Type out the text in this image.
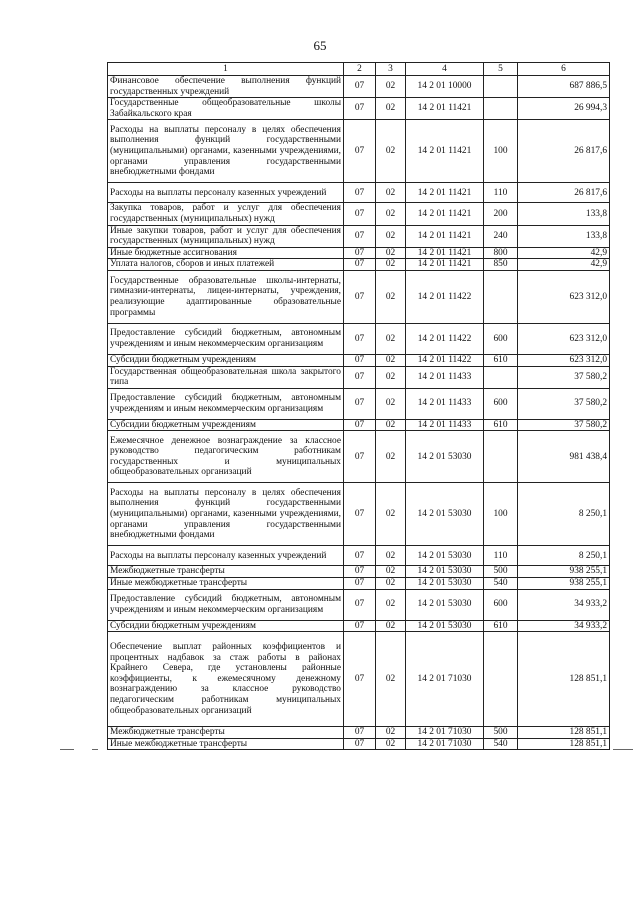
65
1	2	3	4	5	6
Финансовое обеспечение выполнения функций государственных учреждений	07	02	14 2 01 10000		687 886,5
Государственные общеобразовательные школы Забайкальского края	07	02	14 2 01 11421		26 994,3
Расходы на выплаты персоналу в целях обеспечения выполнения функций государственными (муниципальными) органами, казенными учреждениями, органами управления государственными внебюджетными фондами	07	02	14 2 01 11421	100	26 817,6
Расходы на выплаты персоналу казенных учреждений	07	02	14 2 01 11421	110	26 817,6
Закупка товаров, работ и услуг для обеспечения государственных (муниципальных) нужд	07	02	14 2 01 11421	200	133,8
Иные закупки товаров, работ и услуг для обеспечения государственных (муниципальных) нужд	07	02	14 2 01 11421	240	133,8
Иные бюджетные ассигнования	07	02	14 2 01 11421	800	42,9
Уплата налогов, сборов и иных платежей	07	02	14 2 01 11421	850	42,9
Государственные образовательные школы-интернаты, гимназии-интернаты, лицеи-интернаты, учреждения, реализующие адаптированные образовательные программы	07	02	14 2 01 11422		623 312,0
Предоставление субсидий бюджетным, автономным учреждениям и иным некоммерческим организациям	07	02	14 2 01 11422	600	623 312,0
Субсидии бюджетным учреждениям	07	02	14 2 01 11422	610	623 312,0
Государственная общеобразовательная школа закрытого типа	07	02	14 2 01 11433		37 580,2
Предоставление субсидий бюджетным, автономным учреждениям и иным некоммерческим организациям	07	02	14 2 01 11433	600	37 580,2
Субсидии бюджетным учреждениям	07	02	14 2 01 11433	610	37 580,2
Ежемесячное денежное вознаграждение за классное руководство педагогическим работникам государственных и муниципальных общеобразовательных организаций	07	02	14 2 01 53030		981 438,4
Расходы на выплаты персоналу в целях обеспечения выполнения функций государственными (муниципальными) органами, казенными учреждениями, органами управления государственными внебюджетными фондами	07	02	14 2 01 53030	100	8 250,1
Расходы на выплаты персоналу казенных учреждений	07	02	14 2 01 53030	110	8 250,1
Межбюджетные трансферты	07	02	14 2 01 53030	500	938 255,1
Иные межбюджетные трансферты	07	02	14 2 01 53030	540	938 255,1
Предоставление субсидий бюджетным, автономным учреждениям и иным некоммерческим организациям	07	02	14 2 01 53030	600	34 933,2
Субсидии бюджетным учреждениям	07	02	14 2 01 53030	610	34 933,2
Обеспечение выплат районных коэффициентов и процентных надбавок за стаж работы в районах Крайнего Севера, где установлены районные коэффициенты, к ежемесячному денежному вознаграждению за классное руководство педагогическим работникам муниципальных общеобразовательных организаций	07	02	14 2 01 71030		128 851,1
Межбюджетные трансферты	07	02	14 2 01 71030	500	128 851,1
Иные межбюджетные трансферты	07	02	14 2 01 71030	540	128 851,1
